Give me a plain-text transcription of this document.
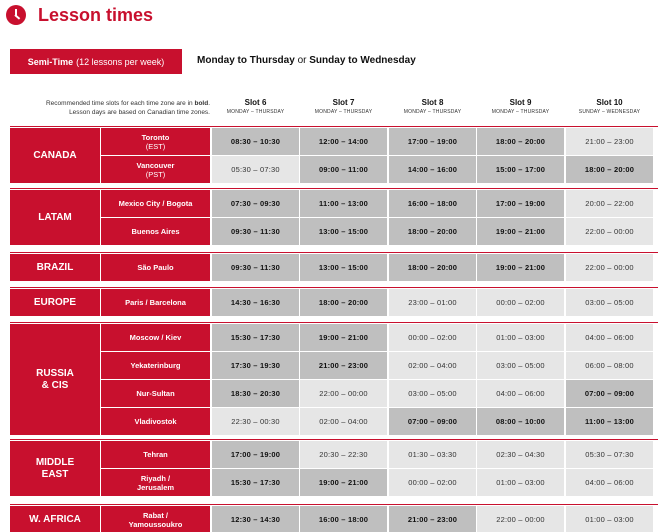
Lesson times
Semi-Time (12 lessons per week)	Monday to Thursday or Sunday to Wednesday
Recommended time slots for each time zone are in bold.
Lesson days are based on Canadian time zones.
Slot 6
MONDAY – THURSDAY
Slot 7
MONDAY – THURSDAY
Slot 8
MONDAY – THURSDAY
Slot 9
MONDAY – THURSDAY
Slot 10
SUNDAY – WEDNESDAY
CANADA
Toronto
(EST)	08:30 – 10:30	12:00 – 14:00	17:00 – 19:00	18:00 – 20:00	21:00 – 23:00
Vancouver
(PST)	05:30 – 07:30	09:00 – 11:00	14:00 – 16:00	15:00 – 17:00	18:00 – 20:00
LATAM
Mexico City / Bogota	07:30 – 09:30	11:00 – 13:00	16:00 – 18:00	17:00 – 19:00	20:00 – 22:00
Buenos Aires	09:30 – 11:30	13:00 – 15:00	18:00 – 20:00	19:00 – 21:00	22:00 – 00:00
BRAZIL	São Paulo	09:30 – 11:30	13:00 – 15:00	18:00 – 20:00	19:00 – 21:00	22:00 – 00:00
EUROPE	Paris / Barcelona	14:30 – 16:30	18:00 – 20:00	23:00 – 01:00	00:00 – 02:00	03:00 – 05:00
RUSSIA
& CIS
Moscow / Kiev	15:30 – 17:30	19:00 – 21:00	00:00 – 02:00	01:00 – 03:00	04:00 – 06:00
Yekaterinburg	17:30 – 19:30	21:00 – 23:00	02:00 – 04:00	03:00 – 05:00	06:00 – 08:00
Nur-Sultan	18:30 – 20:30	22:00 – 00:00	03:00 – 05:00	04:00 – 06:00	07:00 – 09:00
Vladivostok	22:30 – 00:30	02:00 – 04:00	07:00 – 09:00	08:00 – 10:00	11:00 – 13:00
MIDDLE
EAST
Tehran	17:00 – 19:00	20:30 – 22:30	01:30 – 03:30	02:30 – 04:30	05:30 – 07:30
Riyadh /
Jerusalem	15:30 – 17:30	19:00 – 21:00	00:00 – 02:00	01:00 – 03:00	04:00 – 06:00
W. AFRICA	Rabat /
Yamoussoukro	12:30 – 14:30	16:00 – 18:00	21:00 – 23:00	22:00 – 00:00	01:00 – 03:00
